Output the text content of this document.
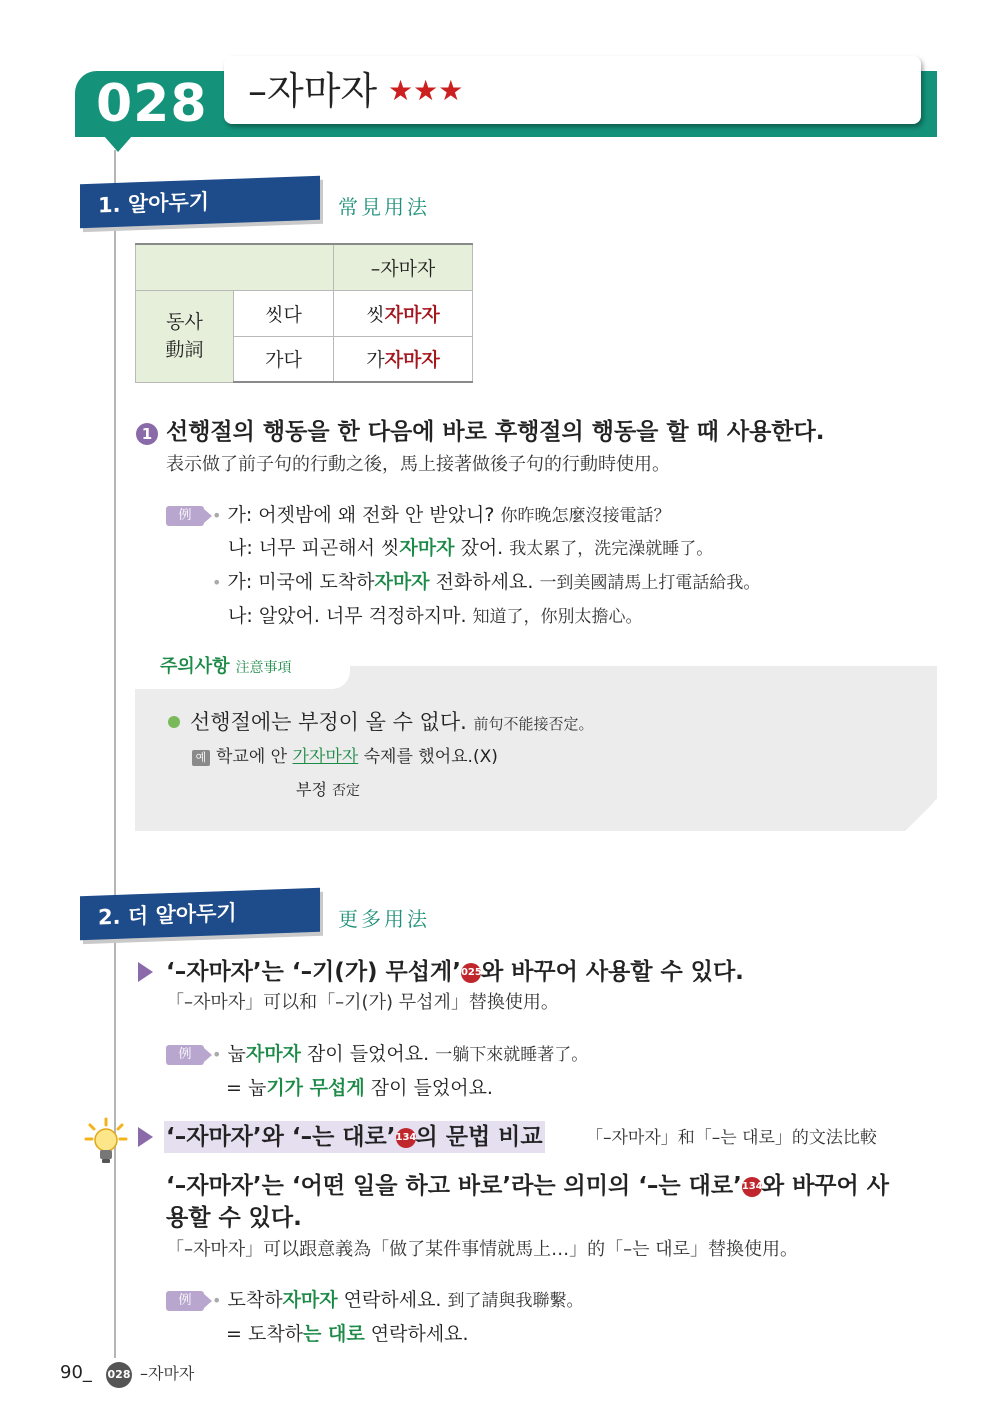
028 –자마자 ★★★
1. 알아두기	常見用法
		–자마자

동사
動詞	씻다	씻자마자
	가다	가자마자
1 선행절의 행동을 한 다음에 바로 후행절의 행동을 할 때 사용한다.
表示做了前子句的行動之後，馬上接著做後子句的行動時使用。
例	• 가: 어젯밤에 왜 전화 안 받았니? 你昨晚怎麼沒接電話？
나: 너무 피곤해서 씻자마자 잤어. 我太累了，洗完澡就睡了。
• 가: 미국에 도착하자마자 전화하세요. 一到美國請馬上打電話給我。
나: 알았어. 너무 걱정하지마. 知道了，你別太擔心。
주의사항 注意事項
선행절에는 부정이 올 수 없다. 前句不能接否定。
예 학교에 안 가자마자 숙제를 했어요.(X)
부정 否定
2. 더 알아두기	更多用法
‘–자마자’는 ‘–기(가) 무섭게’025와 바꾸어 사용할 수 있다.
「–자마자」可以和「–기(가) 무섭게」替換使用。
例	• 눕자마자 잠이 들었어요. 一躺下來就睡著了。
= 눕기가 무섭게 잠이 들었어요.
‘–자마자’와 ‘–는 대로’134의 문법 비교	「–자마자」和「–는 대로」的文法比較
‘–자마자’는 ‘어떤 일을 하고 바로’라는 의미의 ‘–는 대로’134와 바꾸어 사
용할 수 있다.
「–자마자」可以跟意義為「做了某件事情就馬上…」的「–는 대로」替換使用。
例	• 도착하자마자 연락하세요. 到了請與我聯繫。
= 도착하는 대로 연락하세요.
90_ 028 –자마자
